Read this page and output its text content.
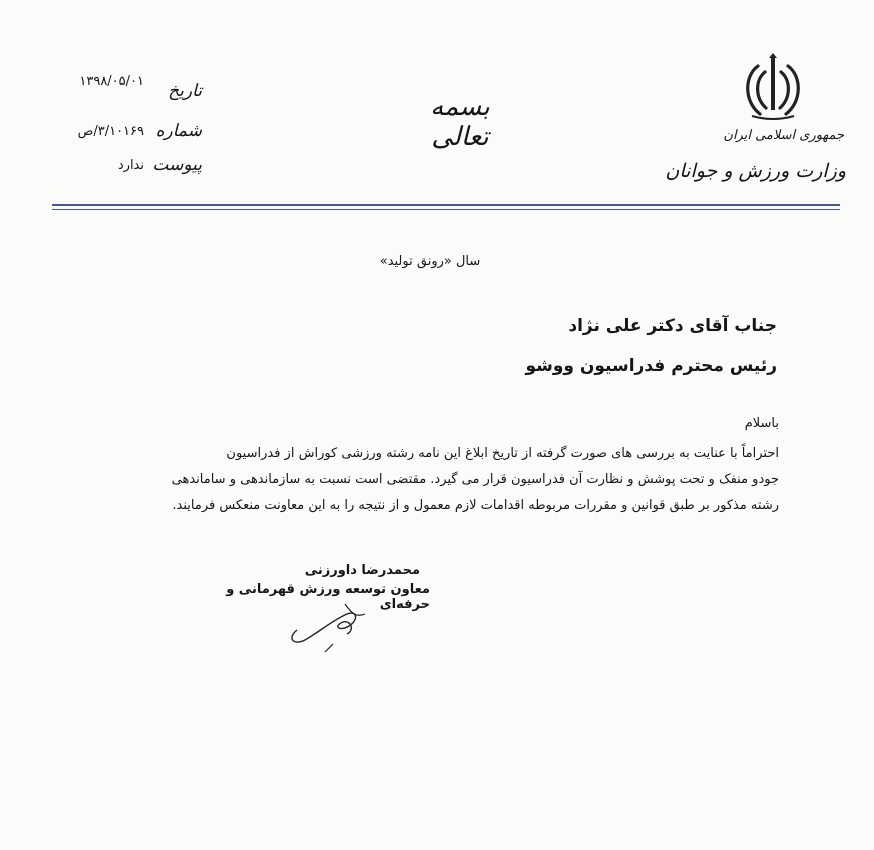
جمهوری اسلامی ایران
وزارت ورزش و جوانان
بسمه تعالی
تاریخ
۱۳۹۸/۰۵/۰۱
شماره
۳/۱۰۱۶۹/ص
پیوست
ندارد
سال «رونق تولید»
جناب آقای دکتر علی نژاد
رئیس محترم فدراسیون ووشو
باسلام
احتراماً با عنایت به بررسی های صورت گرفته از تاریخ ابلاغ این نامه رشته ورزشی کوراش از فدراسیون
جودو منفک و تحت پوشش و نظارت آن فدراسیون قرار می گیرد. مقتضی است نسبت به سازماندهی و ساماندهی
رشته مذکور بر طبق قوانین و مقررات مربوطه اقدامات لازم معمول و از نتیجه را به این معاونت منعکس فرمایند.
محمدرضا داورزنی
معاون توسعه ورزش قهرمانی و حرفه‌ای
